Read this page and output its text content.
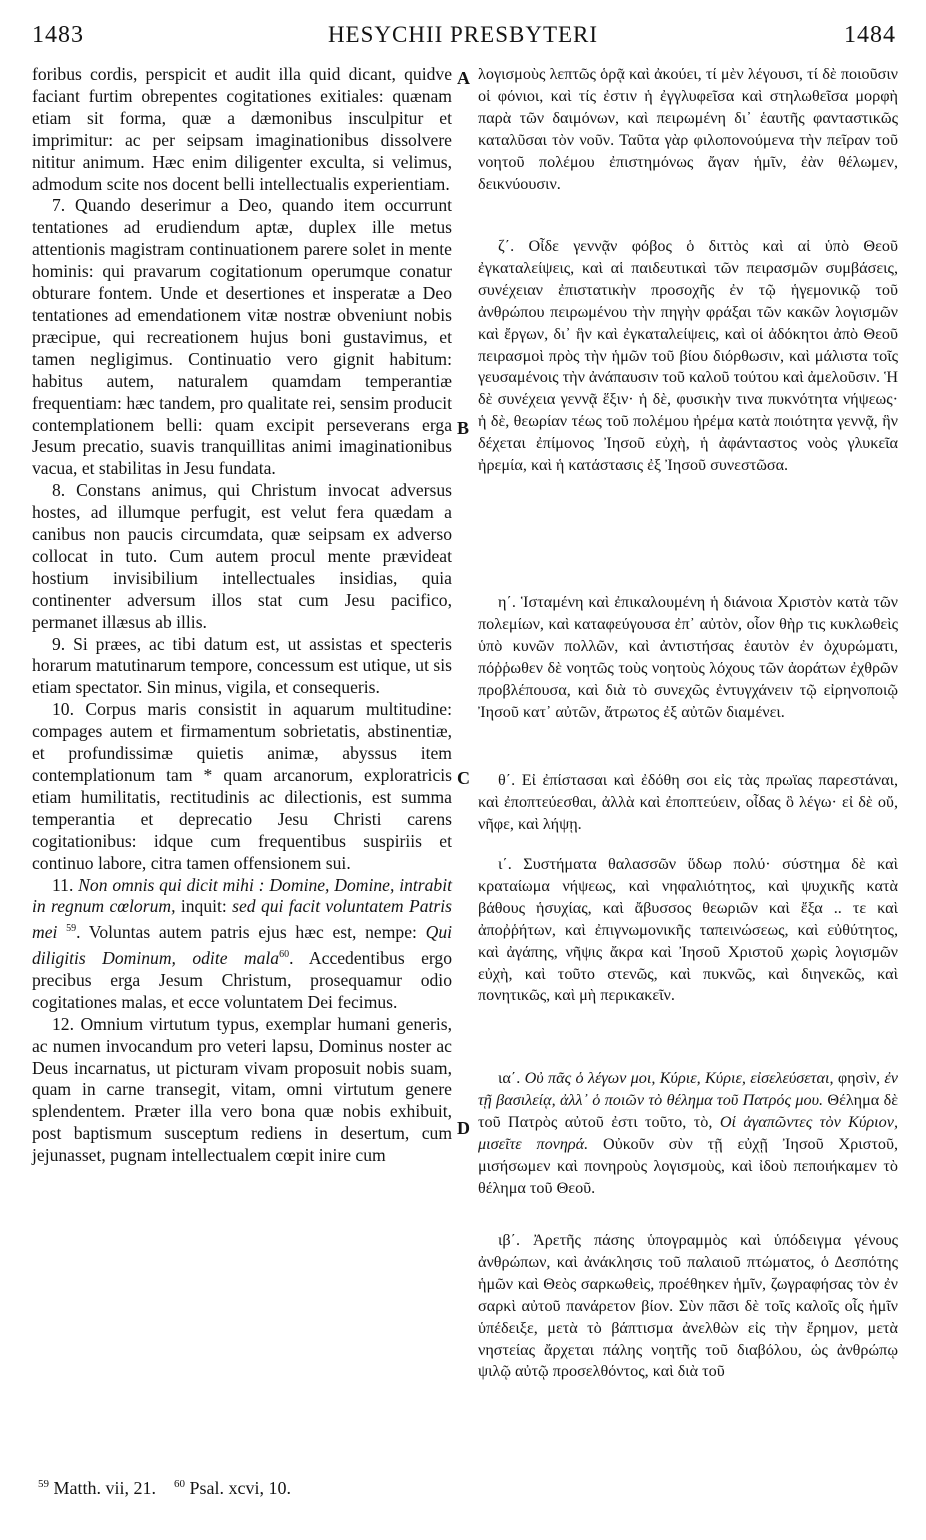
1483	HESYCHII PRESBYTERI	1484

foribus cordis, perspicit et audit illa quid dicant, quidve faciant furtim obrepentes cogitationes exitiales: quænam etiam sit forma, quæ a dæmonibus insculpitur et imprimitur: ac per seipsam imaginationibus dissolvere nititur animum. Hæc enim diligenter exculta, si velimus, admodum scite nos docent belli intellectualis experientiam.

7. Quando deserimur a Deo, quando item occurrunt tentationes ad erudiendum aptæ, duplex ille metus attentionis magistram continuationem parere solet in mente hominis: qui pravarum cogitationum operumque conatur obturare fontem. Unde et desertiones et insperatæ a Deo tentationes ad emendationem vitæ nostræ obveniunt nobis præcipue, qui recreationem hujus boni gustavimus, et tamen negligimus. Continuatio vero gignit habitum: habitus autem, naturalem quamdam temperantiæ frequentiam: hæc tandem, pro qualitate rei, sensim producit contemplationem belli: quam excipit perseverans erga Jesum precatio, suavis tranquillitas animi imaginationibus vacua, et stabilitas in Jesu fundata.

8. Constans animus, qui Christum invocat adversus hostes, ad illumque perfugit, est velut fera quædam a canibus non paucis circumdata, quæ seipsam ex adverso collocat in tuto. Cum autem procul mente prævideat hostium invisibilium intellectuales insidias, quia continenter adversum illos stat cum Jesu pacifico, permanet illæsus ab illis.

9. Si præes, ac tibi datum est, ut assistas et specteris horarum matutinarum tempore, concessum est utique, ut sis etiam spectator. Sin minus, vigila, et consequeris.

10. Corpus maris consistit in aquarum multitudine: compages autem et firmamentum sobrietatis, abstinentiæ, et profundissimæ quietis animæ, abyssus item contemplationum tam * quam arcanorum, exploratricis etiam humilitatis, rectitudinis ac dilectionis, est summa temperantia et deprecatio Jesu Christi carens cogitationibus: idque cum frequentibus suspiriis et continuo labore, citra tamen offensionem sui.

11. Non omnis qui dicit mihi : Domine, Domine, intrabit in regnum cœlorum, inquit: sed qui facit voluntatem Patris mei $^{59}$. Voluntas autem patris ejus hæc est, nempe: Qui diligitis Dominum, odite mala$^{60}$. Accedentibus ergo precibus erga Jesum Christum, prosequamur odio cogitationes malas, et ecce voluntatem Dei fecimus.

12. Omnium virtutum typus, exemplar humani generis, ac numen invocandum pro veteri lapsu, Dominus noster ac Deus incarnatus, ut picturam vivam proposuit nobis suam, quam in carne transegit, vitam, omni virtutum genere splendentem. Præter illa vero bona quæ nobis exhibuit, post baptismum susceptum rediens in desertum, cum jejunasset, pugnam intellectualem cœpit inire cum

A
B
C
D

λογισμοὺς λεπτῶς ὁρᾷ καὶ ἀκούει, τί μὲν λέγουσι, τί δὲ ποιοῦσιν οἱ φόνιοι, καὶ τίς ἐστιν ἡ ἐγγλυφεῖσα καὶ στηλωθεῖσα μορφὴ παρὰ τῶν δαιμόνων, καὶ πειρωμένη δι᾽ ἑαυτῆς φανταστικῶς καταλῦσαι τὸν νοῦν. Ταῦτα γὰρ φιλοπονούμενα τὴν πεῖραν τοῦ νοητοῦ πολέμου ἐπιστημόνως ἄγαν ἡμῖν, ἐὰν θέλωμεν, δεικνύουσιν.

ζ΄. Οἶδε γεννᾷν φόβος ὁ διττὸς καὶ αἱ ὑπὸ Θεοῦ ἐγκαταλείψεις, καὶ αἱ παιδευτικαὶ τῶν πειρασμῶν συμβάσεις, συνέχειαν ἐπιστατικὴν προσοχῆς ἐν τῷ ἡγεμονικῷ τοῦ ἀνθρώπου πειρωμένου τὴν πηγὴν φράξαι τῶν κακῶν λογισμῶν καὶ ἔργων, δι᾽ ἣν καὶ ἐγκαταλείψεις, καὶ οἱ ἀδόκητοι ἀπὸ Θεοῦ πειρασμοὶ πρὸς τὴν ἡμῶν τοῦ βίου διόρθωσιν, καὶ μάλιστα τοῖς γευσαμένοις τὴν ἀνάπαυσιν τοῦ καλοῦ τούτου καὶ ἀμελοῦσιν. Ἡ δὲ συνέχεια γεννᾷ ἕξιν· ἡ δὲ, φυσικὴν τινα πυκνότητα νήψεως· ἡ δὲ, θεωρίαν τέως τοῦ πολέμου ἠρέμα κατὰ ποιότητα γεννᾷ, ἣν δέχεται ἐπίμονος Ἰησοῦ εὐχὴ, ἡ ἀφάνταστος νοὸς γλυκεῖα ἠρεμία, καὶ ἡ κατάστασις ἐξ Ἰησοῦ συνεστῶσα.

η΄. Ἱσταμένη καὶ ἐπικαλουμένη ἡ διάνοια Χριστὸν κατὰ τῶν πολεμίων, καὶ καταφεύγουσα ἐπ᾽ αὐτὸν, οἷον θὴρ τις κυκλωθεὶς ὑπὸ κυνῶν πολλῶν, καὶ ἀντιστήσας ἑαυτὸν ἐν ὀχυρώματι, πόῤῥωθεν δὲ νοητῶς τοὺς νοητοὺς λόχους τῶν ἀοράτων ἐχθρῶν προβλέπουσα, καὶ διὰ τὸ συνεχῶς ἐντυγχάνειν τῷ εἰρηνοποιῷ Ἰησοῦ κατ᾽ αὐτῶν, ἄτρωτος ἐξ αὐτῶν διαμένει.

θ΄. Εἰ ἐπίστασαι καὶ ἐδόθη σοι εἰς τὰς πρωϊας παρεστάναι, καὶ ἐποπτεύεσθαι, ἀλλὰ καὶ ἐποπτεύειν, οἶδας ὃ λέγω· εἰ δὲ οὔ, νῆφε, καὶ λήψῃ.

ι΄. Συστήματα θαλασσῶν ὕδωρ πολύ· σύστημα δὲ καὶ κραταίωμα νήψεως, καὶ νηφαλιότητος, καὶ ψυχικῆς κατὰ βάθους ἡσυχίας, καὶ ἄβυσσος θεωριῶν καὶ ἔξα .. τε καὶ ἀποῤῥήτων, καὶ ἐπιγνωμονικῆς ταπεινώσεως, καὶ εὐθύτητος, καὶ ἀγάπης, νῆψις ἄκρα καὶ Ἰησοῦ Χριστοῦ χωρὶς λογισμῶν εὐχὴ, καὶ τοῦτο στενῶς, καὶ πυκνῶς, καὶ διηνεκῶς, καὶ πονητικῶς, καὶ μὴ περικακεῖν.

ια΄. Οὐ πᾶς ὁ λέγων μοι, Κύριε, Κύριε, εἰσελεύσεται, φησὶν, ἐν τῇ βασιλείᾳ, ἀλλ᾽ ὁ ποιῶν τὸ θέλημα τοῦ Πατρός μου. Θέλημα δὲ τοῦ Πατρὸς αὐτοῦ ἐστι τοῦτο, τὸ, Οἱ ἀγαπῶντες τὸν Κύριον, μισεῖτε πονηρά. Οὐκοῦν σὺν τῇ εὐχῇ Ἰησοῦ Χριστοῦ, μισήσωμεν καὶ πονηροὺς λογισμοὺς, καὶ ἰδοὺ πεποιήκαμεν τὸ θέλημα τοῦ Θεοῦ.

ιβ΄. Ἀρετῆς πάσης ὑπογραμμὸς καὶ ὑπόδειγμα γένους ἀνθρώπων, καὶ ἀνάκλησις τοῦ παλαιοῦ πτώματος, ὁ Δεσπότης ἡμῶν καὶ Θεὸς σαρκωθεὶς, προέθηκεν ἡμῖν, ζωγραφήσας τὸν ἐν σαρκὶ αὐτοῦ πανάρετον βίον. Σὺν πᾶσι δὲ τοῖς καλοῖς οἷς ἡμῖν ὑπέδειξε, μετὰ τὸ βάπτισμα ἀνελθὼν εἰς τὴν ἔρημον, μετὰ νηστείας ἄρχεται πάλης νοητῆς τοῦ διαβόλου, ὡς ἀνθρώπῳ ψιλῷ αὐτῷ προσελθόντος, καὶ διὰ τοῦ

$^{59}$ Matth. vii, 21. $^{60}$ Psal. xcvi, 10.
